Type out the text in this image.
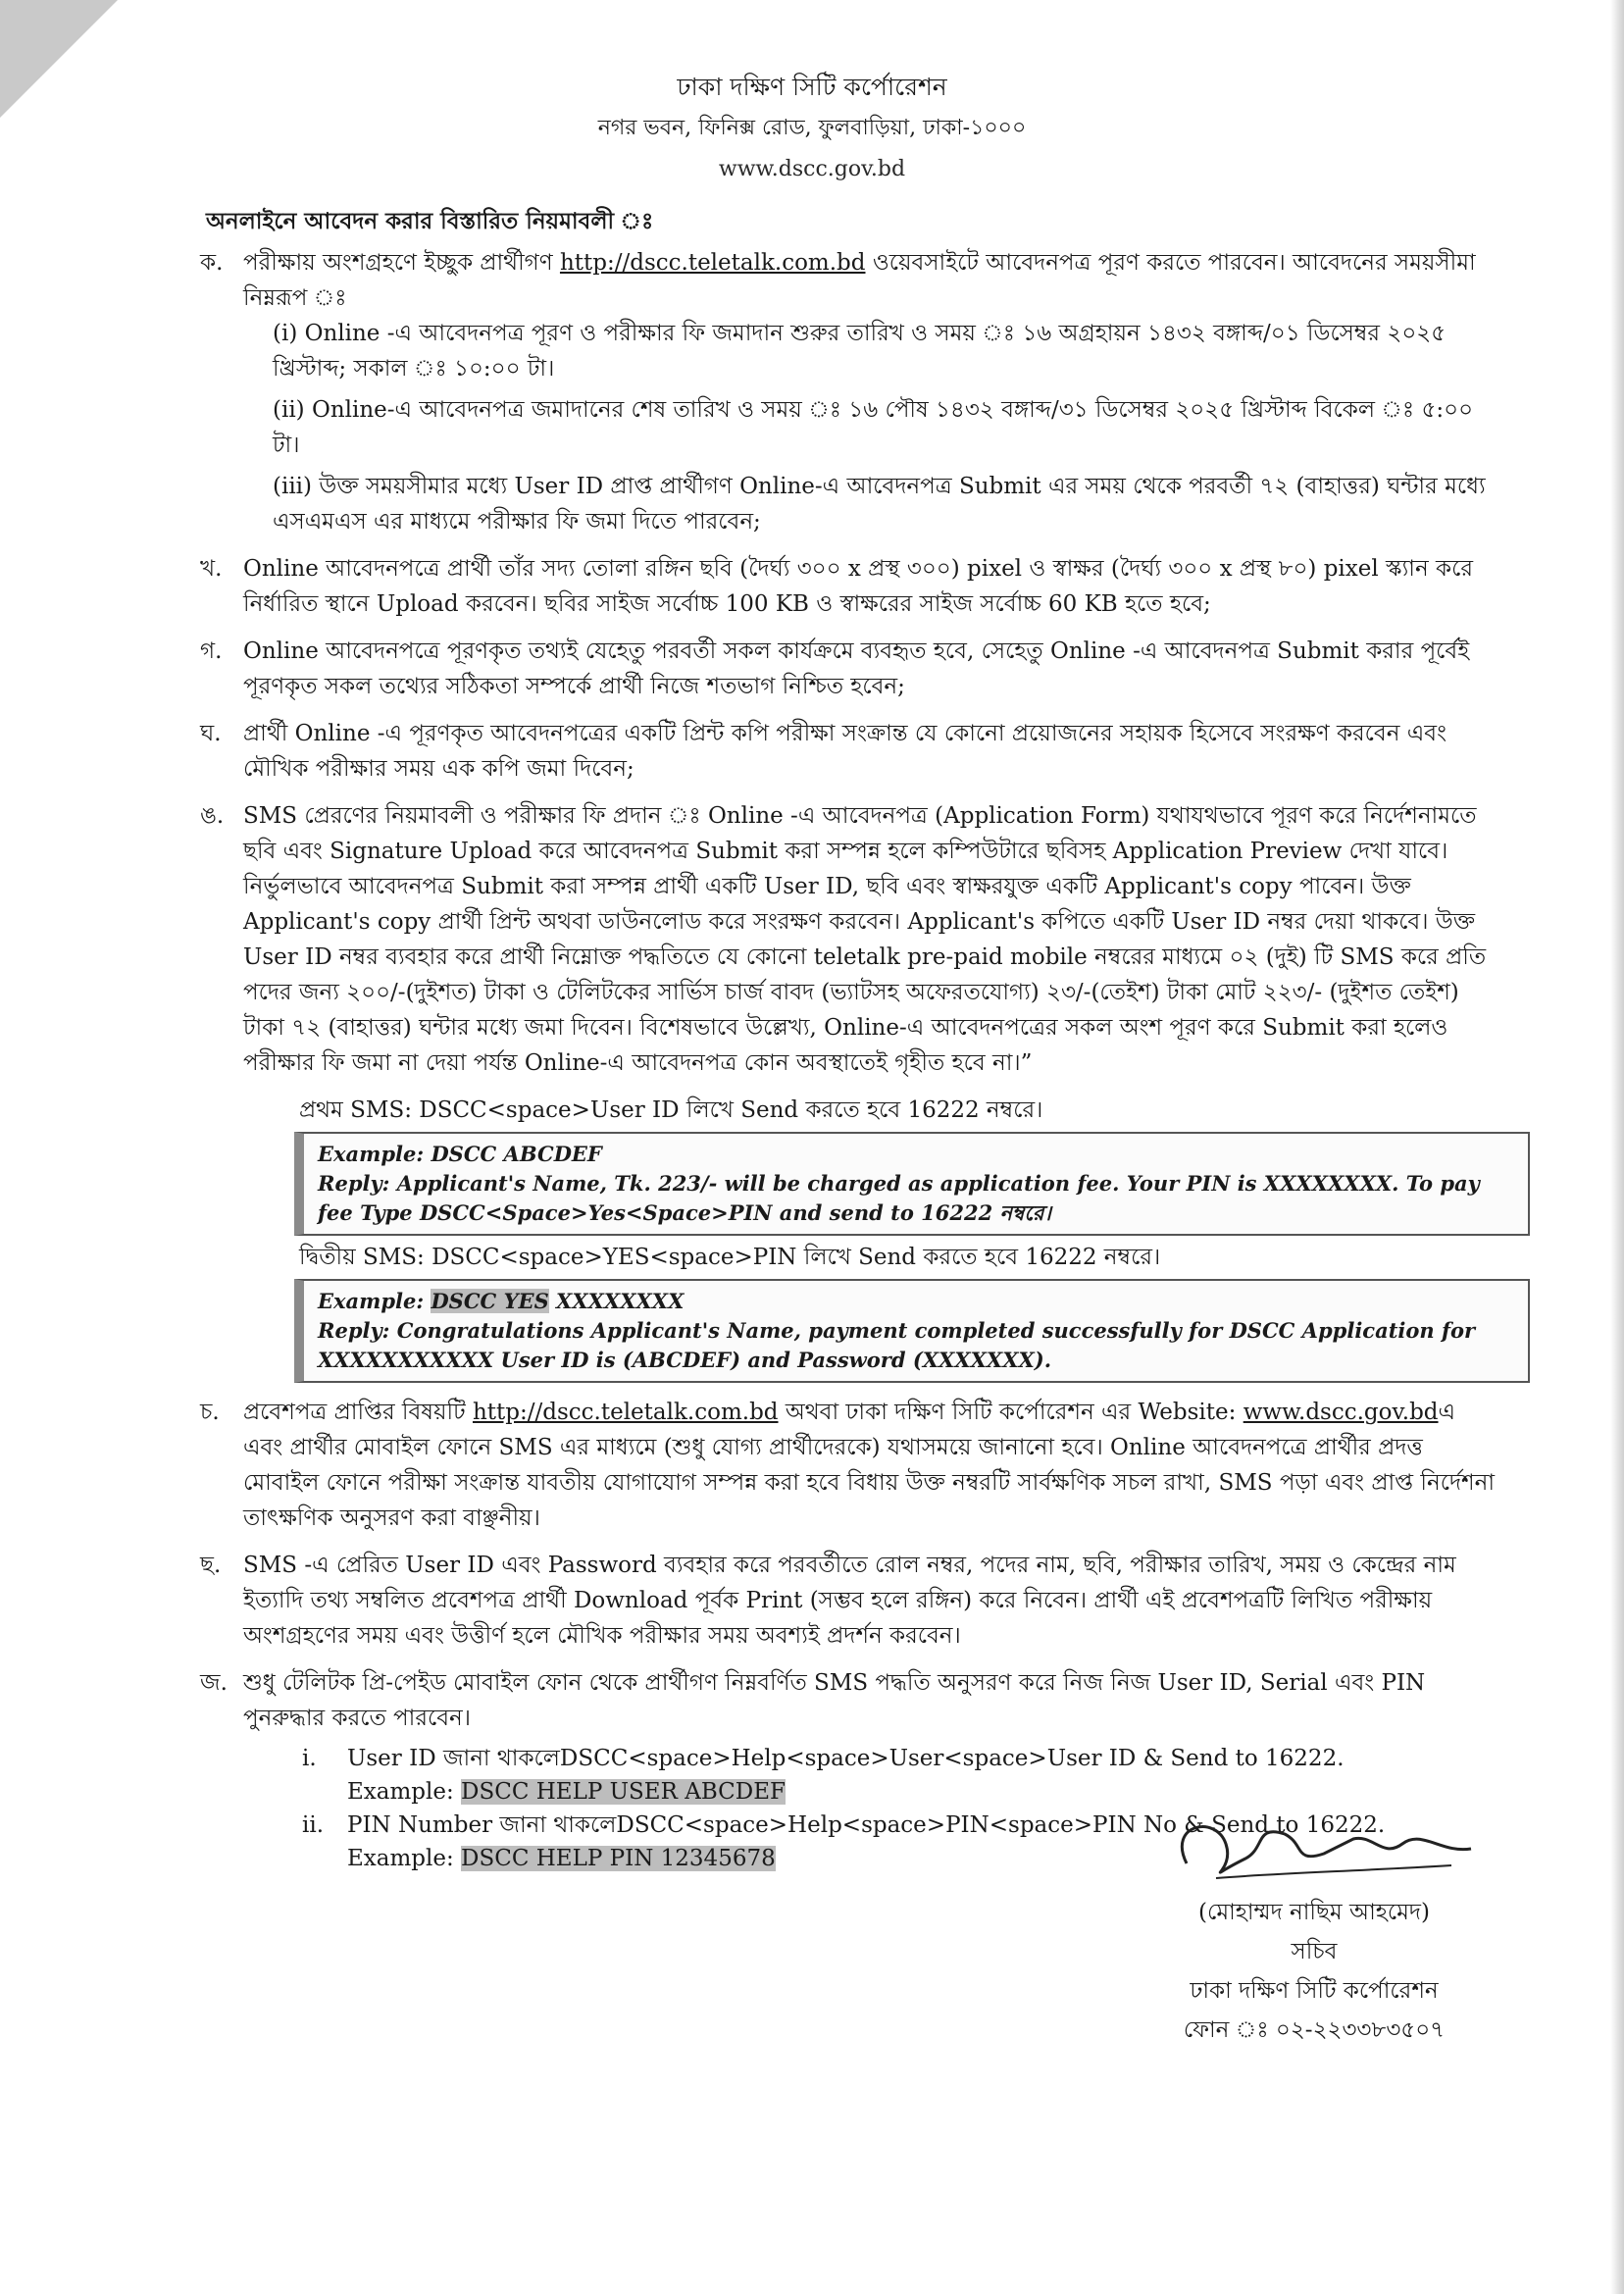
ঢাকা দক্ষিণ সিটি কর্পোরেশন
নগর ভবন, ফিনিক্স রোড, ফুলবাড়িয়া, ঢাকা-১০০০
www.dscc.gov.bd
অনলাইনে আবেদন করার বিস্তারিত নিয়মাবলী ঃ
ক. পরীক্ষায় অংশগ্রহণে ইচ্ছুক প্রার্থীগণ http://dscc.teletalk.com.bd ওয়েবসাইটে আবেদনপত্র পূরণ করতে পারবেন। আবেদনের সময়সীমা নিম্নরূপ ঃ

(i) Online -এ আবেদনপত্র পূরণ ও পরীক্ষার ফি জমাদান শুরুর তারিখ ও সময় ঃ ১৬ অগ্রহায়ন ১৪৩২ বঙ্গাব্দ/০১ ডিসেম্বর ২০২৫ খ্রিস্টাব্দ; সকাল ঃ ১০:০০ টা।

(ii) Online-এ আবেদনপত্র জমাদানের শেষ তারিখ ও সময় ঃ ১৬ পৌষ ১৪৩২ বঙ্গাব্দ/৩১ ডিসেম্বর ২০২৫ খ্রিস্টাব্দ বিকেল ঃ ৫:০০ টা।

(iii) উক্ত সময়সীমার মধ্যে User ID প্রাপ্ত প্রার্থীগণ Online-এ আবেদনপত্র Submit এর সময় থেকে পরবর্তী ৭২ (বাহাত্তর) ঘন্টার মধ্যে এসএমএস এর মাধ্যমে পরীক্ষার ফি জমা দিতে পারবেন;

খ. Online আবেদনপত্রে প্রার্থী তাঁর সদ্য তোলা রঙ্গিন ছবি (দৈর্ঘ্য ৩০০ x প্রস্থ ৩০০) pixel ও স্বাক্ষর (দৈর্ঘ্য ৩০০ x প্রস্থ ৮০) pixel স্ক্যান করে নির্ধারিত স্থানে Upload করবেন। ছবির সাইজ সর্বোচ্চ 100 KB ও স্বাক্ষরের সাইজ সর্বোচ্চ 60 KB হতে হবে;
গ. Online আবেদনপত্রে পূরণকৃত তথ্যই যেহেতু পরবর্তী সকল কার্যক্রমে ব্যবহৃত হবে, সেহেতু Online -এ আবেদনপত্র Submit করার পূর্বেই পূরণকৃত সকল তথ্যের সঠিকতা সম্পর্কে প্রার্থী নিজে শতভাগ নিশ্চিত হবেন;
ঘ. প্রার্থী Online -এ পূরণকৃত আবেদনপত্রের একটি প্রিন্ট কপি পরীক্ষা সংক্রান্ত যে কোনো প্রয়োজনের সহায়ক হিসেবে সংরক্ষণ করবেন এবং মৌখিক পরীক্ষার সময় এক কপি জমা দিবেন;
ঙ. SMS প্রেরণের নিয়মাবলী ও পরীক্ষার ফি প্রদান ঃ Online -এ আবেদনপত্র (Application Form) যথাযথভাবে পূরণ করে নির্দেশনামতে ছবি এবং Signature Upload করে আবেদনপত্র Submit করা সম্পন্ন হলে কম্পিউটারে ছবিসহ Application Preview দেখা যাবে। নির্ভুলভাবে আবেদনপত্র Submit করা সম্পন্ন প্রার্থী একটি User ID, ছবি এবং স্বাক্ষরযুক্ত একটি Applicant's copy পাবেন। উক্ত Applicant's copy প্রার্থী প্রিন্ট অথবা ডাউনলোড করে সংরক্ষণ করবেন। Applicant's কপিতে একটি User ID নম্বর দেয়া থাকবে। উক্ত User ID নম্বর ব্যবহার করে প্রার্থী নিম্নোক্ত পদ্ধতিতে যে কোনো teletalk pre-paid mobile নম্বরের মাধ্যমে ০২ (দুই) টি SMS করে প্রতি পদের জন্য ২০০/-(দুইশত) টাকা ও টেলিটকের সার্ভিস চার্জ বাবদ (ভ্যাটসহ অফেরতযোগ্য) ২৩/-(তেইশ) টাকা মোট ২২৩/- (দুইশত তেইশ) টাকা ৭২ (বাহাত্তর) ঘন্টার মধ্যে জমা দিবেন। বিশেষভাবে উল্লেখ্য, Online-এ আবেদনপত্রের সকল অংশ পূরণ করে Submit করা হলেও পরীক্ষার ফি জমা না দেয়া পর্যন্ত Online-এ আবেদনপত্র কোন অবস্থাতেই গৃহীত হবে না।”
প্রথম SMS: DSCC<space>User ID লিখে Send করতে হবে 16222 নম্বরে।
Example: DSCC ABCDEF
Reply: Applicant's Name, Tk. 223/- will be charged as application fee. Your PIN is XXXXXXXX. To pay fee Type DSCC<Space>Yes<Space>PIN and send to 16222 নম্বরে।
দ্বিতীয় SMS: DSCC<space>YES<space>PIN লিখে Send করতে হবে 16222 নম্বরে।
Example: DSCC YES XXXXXXXX
Reply: Congratulations Applicant's Name, payment completed successfully for DSCC Application for XXXXXXXXXXX User ID is (ABCDEF) and Password (XXXXXXX).
চ. প্রবেশপত্র প্রাপ্তির বিষয়টি http://dscc.teletalk.com.bd অথবা ঢাকা দক্ষিণ সিটি কর্পোরেশন এর Website: www.dscc.gov.bdএ এবং প্রার্থীর মোবাইল ফোনে SMS এর মাধ্যমে (শুধু যোগ্য প্রার্থীদেরকে) যথাসময়ে জানানো হবে। Online আবেদনপত্রে প্রার্থীর প্রদত্ত মোবাইল ফোনে পরীক্ষা সংক্রান্ত যাবতীয় যোগাযোগ সম্পন্ন করা হবে বিধায় উক্ত নম্বরটি সার্বক্ষণিক সচল রাখা, SMS পড়া এবং প্রাপ্ত নির্দেশনা তাৎক্ষণিক অনুসরণ করা বাঞ্ছনীয়।
ছ. SMS -এ প্রেরিত User ID এবং Password ব্যবহার করে পরবর্তীতে রোল নম্বর, পদের নাম, ছবি, পরীক্ষার তারিখ, সময় ও কেন্দ্রের নাম ইত্যাদি তথ্য সম্বলিত প্রবেশপত্র প্রার্থী Download পূর্বক Print (সম্ভব হলে রঙ্গিন) করে নিবেন। প্রার্থী এই প্রবেশপত্রটি লিখিত পরীক্ষায় অংশগ্রহণের সময় এবং উত্তীর্ণ হলে মৌখিক পরীক্ষার সময় অবশ্যই প্রদর্শন করবেন।
জ. শুধু টেলিটক প্রি-পেইড মোবাইল ফোন থেকে প্রার্থীগণ নিম্নবর্ণিত SMS পদ্ধতি অনুসরণ করে নিজ নিজ User ID, Serial এবং PIN পুনরুদ্ধার করতে পারবেন।
i. User ID জানা থাকলেDSCC<space>Help<space>User<space>User ID & Send to 16222.
Example: DSCC HELP USER ABCDEF
ii. PIN Number জানা থাকলেDSCC<space>Help<space>PIN<space>PIN No & Send to 16222.
Example: DSCC HELP PIN 12345678
(মোহাম্মদ নাছিম আহমেদ)
সচিব
ঢাকা দক্ষিণ সিটি কর্পোরেশন
ফোন ঃ ০২-২২৩৩৮৩৫০৭
